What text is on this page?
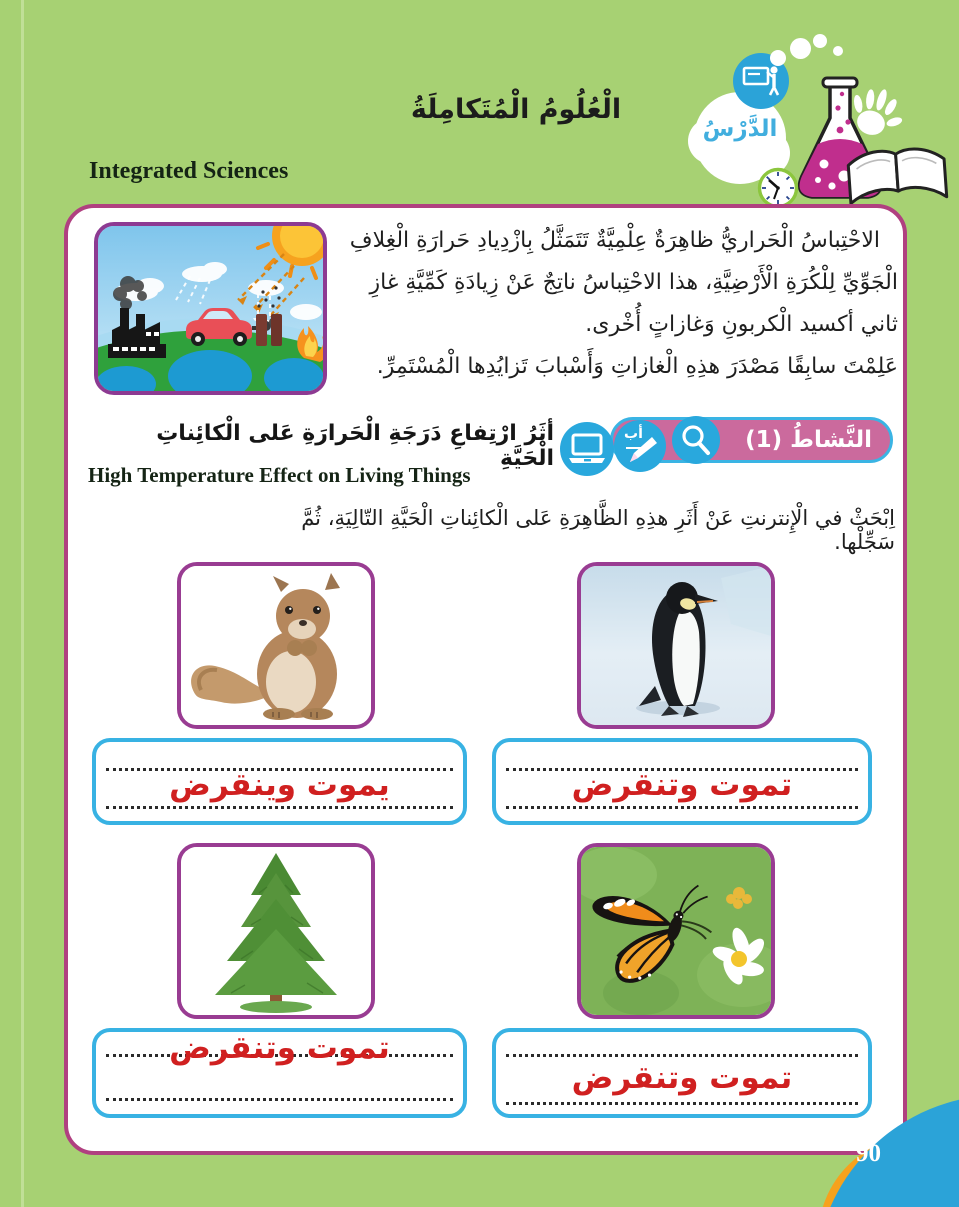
الدَّرْسُ
الْعُلُومُ الْمُتَكامِلَةُ
Integrated Sciences
الاحْتِباسُ الْحَراريُّ ظاهِرَةٌ عِلْمِيَّةٌ تَتَمَثَّلُ بِازْدِيادِ حَرارَةِ الْغِلافِ
الْجَوِّيِّ لِلْكُرَةِ الْأَرْضِيَّةِ، هذا الاحْتِباسُ ناتِجٌ عَنْ زِيادَةِ كَمِّيَّةِ غازِ
ثاني أكسيد الْكربونِ وَغازاتٍ أُخْرى.
عَلِمْتَ سابِقًا مَصْدَرَ هذِهِ الْغازاتِ وَأَسْبابَ تَزايُدِها الْمُسْتَمِرِّ.
النَّشاطُ (1)
أب
أثَرُ ارْتِفاعِ دَرَجَةِ الْحَرارَةِ عَلى الْكائِناتِ الْحَيَّةِ
High Temperature Effect on Living Things
اِبْحَثْ في الْإِنترنتِ عَنْ أَثَرِ هذِهِ الظَّاهِرَةِ عَلى الْكائِناتِ الْحَيَّةِ التّالِيَةِ، ثُمَّ سَجِّلْها.
يموت وينقرض	تموت وتنقرض
تموت وتنقرض
تموت وتنقرض
90
